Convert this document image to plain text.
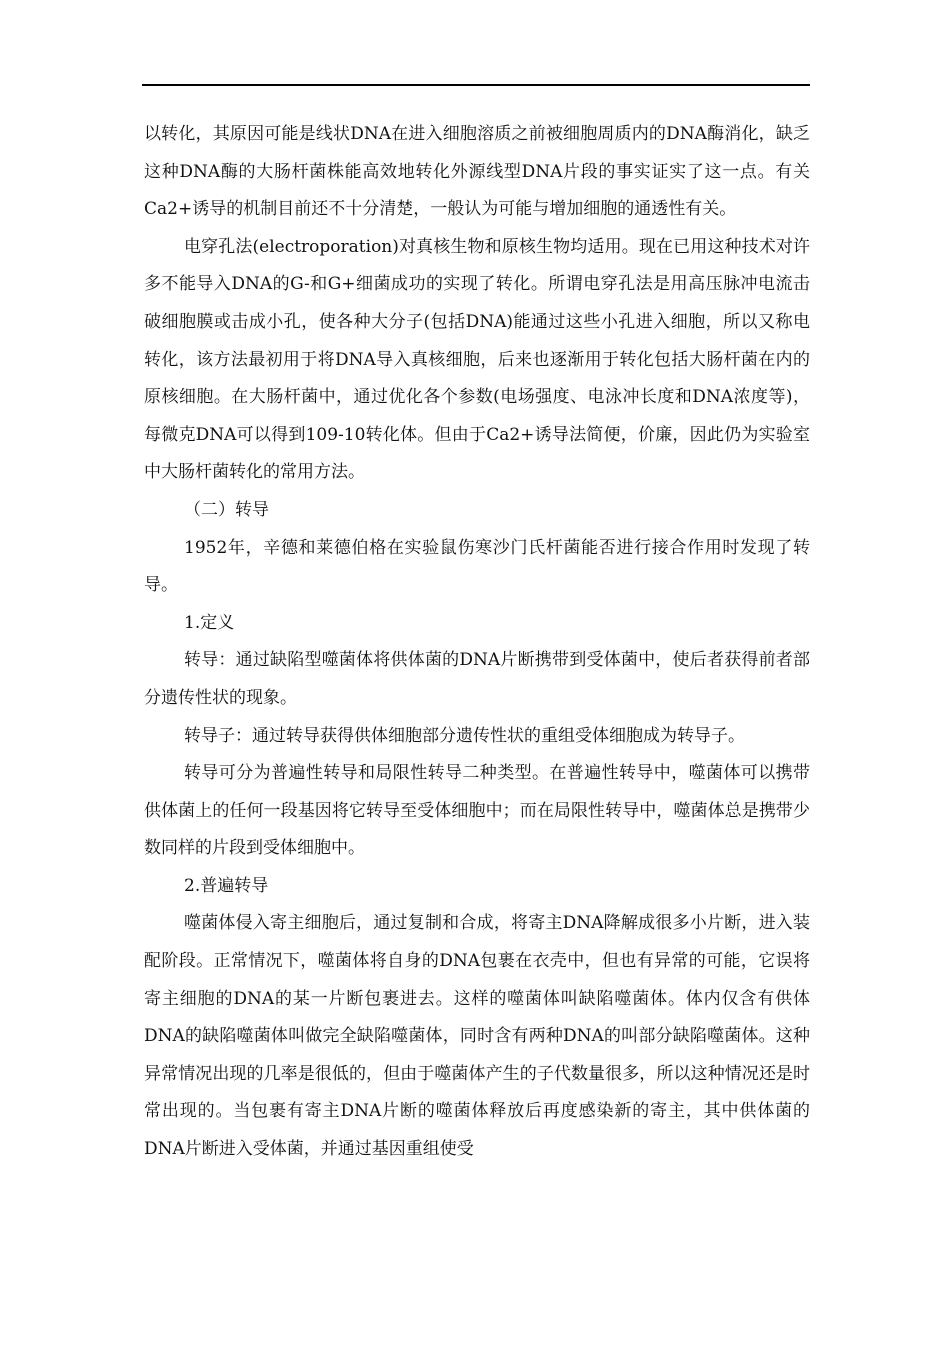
以转化，其原因可能是线状DNA在进入细胞溶质之前被细胞周质内的DNA酶消化，缺乏这种DNA酶的大肠杆菌株能高效地转化外源线型DNA片段的事实证实了这一点。有关Ca2+诱导的机制目前还不十分清楚，一般认为可能与增加细胞的通透性有关。

电穿孔法(electroporation)对真核生物和原核生物均适用。现在已用这种技术对许多不能导入DNA的G-和G+细菌成功的实现了转化。所谓电穿孔法是用高压脉冲电流击破细胞膜或击成小孔，使各种大分子(包括DNA)能通过这些小孔进入细胞，所以又称电转化，该方法最初用于将DNA导入真核细胞，后来也逐渐用于转化包括大肠杆菌在内的原核细胞。在大肠杆菌中，通过优化各个参数(电场强度、电泳冲长度和DNA浓度等)，每微克DNA可以得到109-10转化体。但由于Ca2+诱导法简便，价廉，因此仍为实验室中大肠杆菌转化的常用方法。

（二）转导

1952年，辛德和莱德伯格在实验鼠伤寒沙门氏杆菌能否进行接合作用时发现了转导。

1.定义

转导：通过缺陷型噬菌体将供体菌的DNA片断携带到受体菌中，使后者获得前者部分遗传性状的现象。

转导子：通过转导获得供体细胞部分遗传性状的重组受体细胞成为转导子。

转导可分为普遍性转导和局限性转导二种类型。在普遍性转导中，噬菌体可以携带供体菌上的任何一段基因将它转导至受体细胞中；而在局限性转导中，噬菌体总是携带少数同样的片段到受体细胞中。

2.普遍转导

噬菌体侵入寄主细胞后，通过复制和合成，将寄主DNA降解成很多小片断，进入装配阶段。正常情况下，噬菌体将自身的DNA包裹在衣壳中，但也有异常的可能，它误将寄主细胞的DNA的某一片断包裹进去。这样的噬菌体叫缺陷噬菌体。体内仅含有供体DNA的缺陷噬菌体叫做完全缺陷噬菌体，同时含有两种DNA的叫部分缺陷噬菌体。这种异常情况出现的几率是很低的，但由于噬菌体产生的子代数量很多，所以这种情况还是时常出现的。当包裹有寄主DNA片断的噬菌体释放后再度感染新的寄主，其中供体菌的DNA片断进入受体菌，并通过基因重组使受
